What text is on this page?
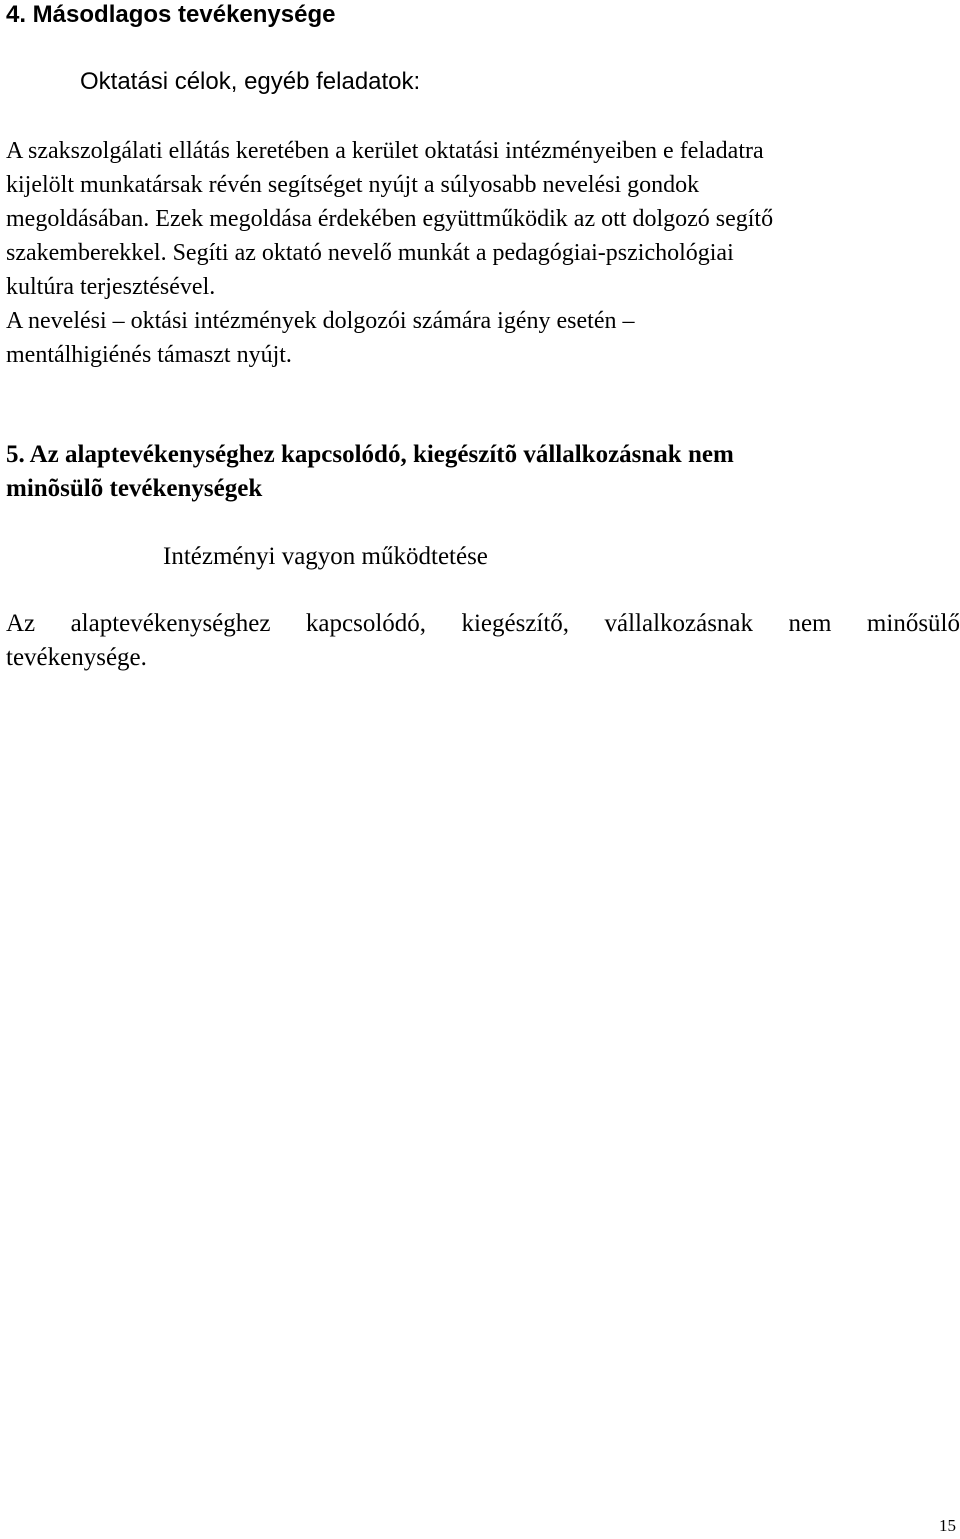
4. Másodlagos tevékenysége
Oktatási célok, egyéb feladatok:
A szakszolgálati ellátás keretében a kerület oktatási intézményeiben e feladatra
kijelölt munkatársak révén segítséget nyújt a súlyosabb nevelési gondok
megoldásában. Ezek megoldása érdekében együttműködik az ott dolgozó segítő
szakemberekkel. Segíti az oktató nevelő munkát a pedagógiai-pszichológiai
kultúra terjesztésével.
A nevelési – oktási intézmények dolgozói számára igény esetén –
mentálhigiénés támaszt nyújt.
5. Az alaptevékenységhez kapcsolódó, kiegészítõ vállalkozásnak nem
minõsülõ tevékenységek
Intézményi vagyon működtetése
Az alaptevékenységhez kapcsolódó, kiegészítő, vállalkozásnak nem minősülő
tevékenysége.
15
